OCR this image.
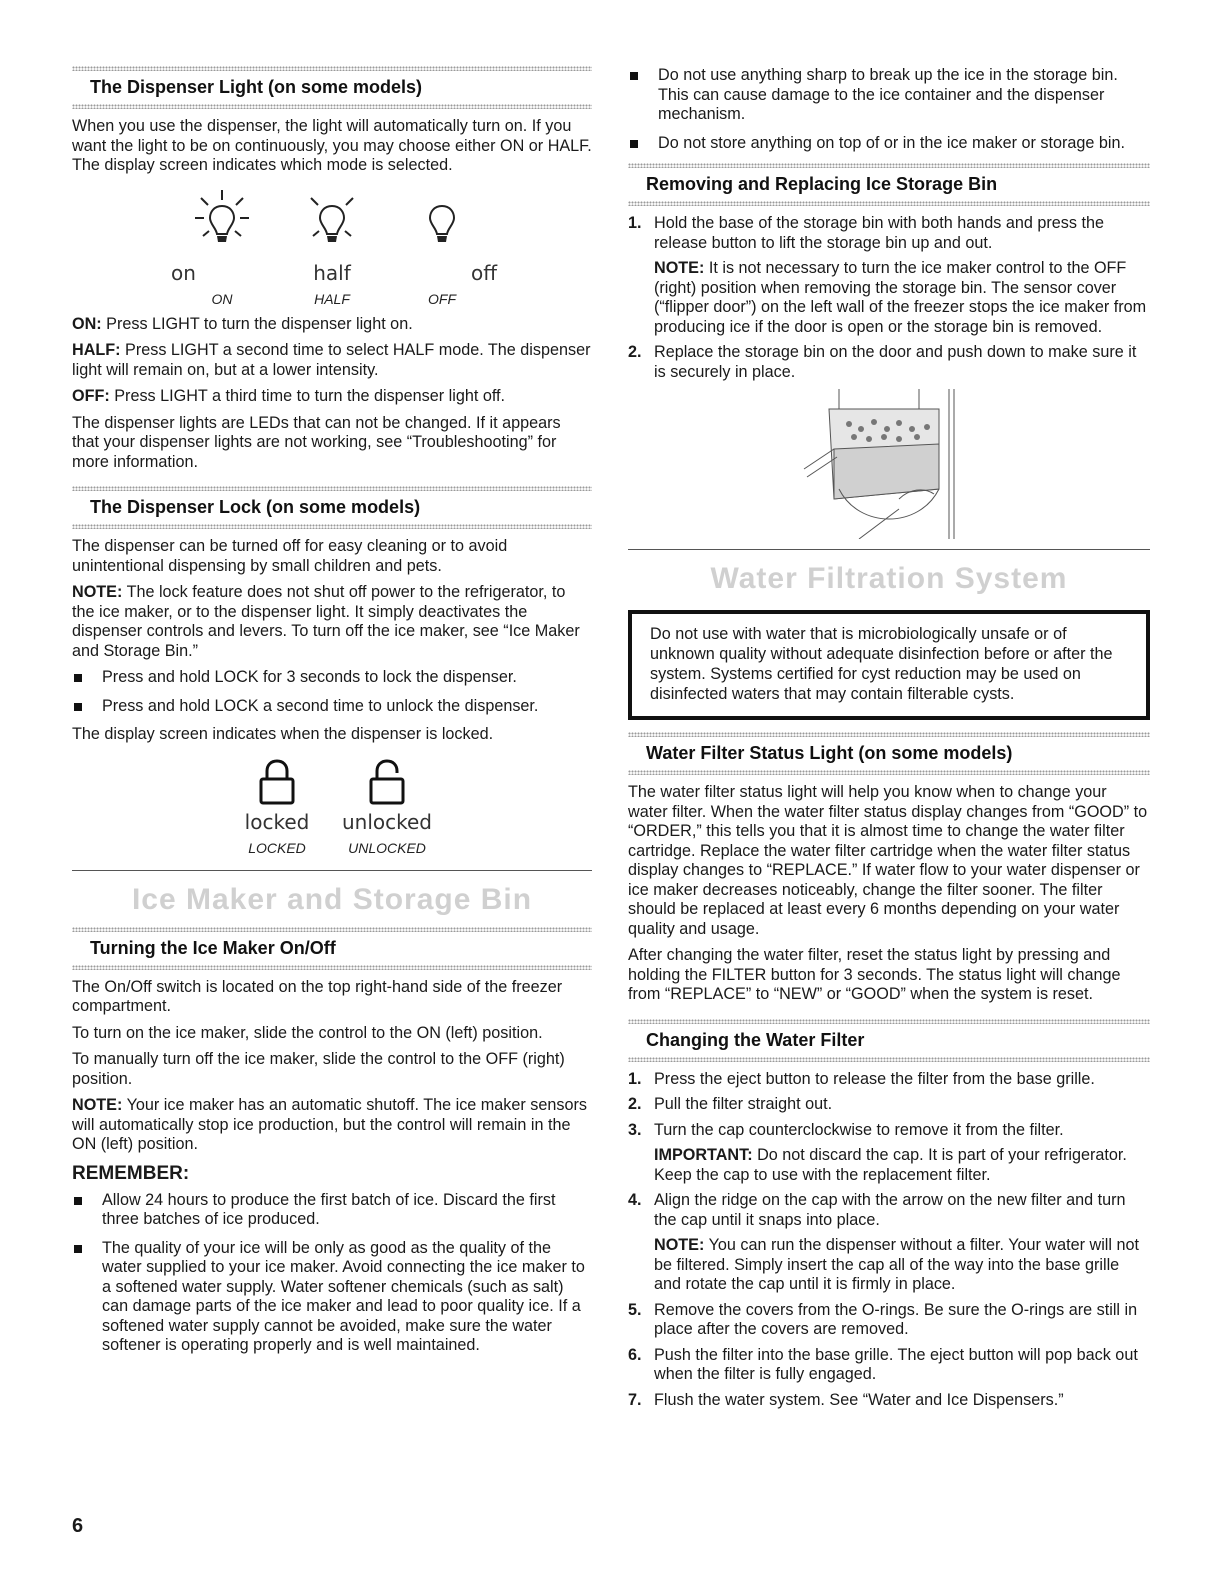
The Dispenser Light (on some models)

When you use the dispenser, the light will automatically turn on. If you want the light to be on continuously, you may choose either ON or HALF. The display screen indicates which mode is selected.

on
ON
half
HALF
off
OFF

ON: Press LIGHT to turn the dispenser light on.

HALF: Press LIGHT a second time to select HALF mode. The dispenser light will remain on, but at a lower intensity.

OFF: Press LIGHT a third time to turn the dispenser light off.

The dispenser lights are LEDs that can not be changed. If it appears that your dispenser lights are not working, see “Troubleshooting” for more information.

The Dispenser Lock (on some models)

The dispenser can be turned off for easy cleaning or to avoid unintentional dispensing by small children and pets.

NOTE: The lock feature does not shut off power to the refrigerator, to the ice maker, or to the dispenser light. It simply deactivates the dispenser controls and levers. To turn off the ice maker, see “Ice Maker and Storage Bin.”

Press and hold LOCK for 3 seconds to lock the dispenser.
Press and hold LOCK a second time to unlock the dispenser.

The display screen indicates when the dispenser is locked.

locked
LOCKED
unlocked
UNLOCKED
Ice Maker and Storage Bin
Turning the Ice Maker On/Off

The On/Off switch is located on the top right-hand side of the freezer compartment.

To turn on the ice maker, slide the control to the ON (left) position.

To manually turn off the ice maker, slide the control to the OFF (right) position.

NOTE: Your ice maker has an automatic shutoff. The ice maker sensors will automatically stop ice production, but the control will remain in the ON (left) position.

REMEMBER:
Allow 24 hours to produce the first batch of ice. Discard the first three batches of ice produced.
The quality of your ice will be only as good as the quality of the water supplied to your ice maker. Avoid connecting the ice maker to a softened water supply. Water softener chemicals (such as salt) can damage parts of the ice maker and lead to poor quality ice. If a softened water supply cannot be avoided, make sure the water softener is operating properly and is well maintained.
Do not use anything sharp to break up the ice in the storage bin. This can cause damage to the ice container and the dispenser mechanism.
Do not store anything on top of or in the ice maker or storage bin.
Removing and Replacing Ice Storage Bin
1. Hold the base of the storage bin with both hands and press the release button to lift the storage bin up and out.

NOTE: It is not necessary to turn the ice maker control to the OFF (right) position when removing the storage bin. The sensor cover (“flipper door”) on the left wall of the freezer stops the ice maker from producing ice if the door is open or the storage bin is removed.

2. Replace the storage bin on the door and push down to make sure it is securely in place.
Water Filtration System

Do not use with water that is microbiologically unsafe or of unknown quality without adequate disinfection before or after the system. Systems certified for cyst reduction may be used on disinfected waters that may contain filterable cysts.

Water Filter Status Light (on some models)

The water filter status light will help you know when to change your water filter. When the water filter status display changes from “GOOD” to “ORDER,” this tells you that it is almost time to change the water filter cartridge. Replace the water filter cartridge when the water filter status display changes to “REPLACE.” If water flow to your water dispenser or ice maker decreases noticeably, change the filter sooner. The filter should be replaced at least every 6 months depending on your water quality and usage.

After changing the water filter, reset the status light by pressing and holding the FILTER button for 3 seconds. The status light will change from “REPLACE” to “NEW” or “GOOD” when the system is reset.

Changing the Water Filter
1. Press the eject button to release the filter from the base grille.
2. Pull the filter straight out.
3. Turn the cap counterclockwise to remove it from the filter.

IMPORTANT: Do not discard the cap. It is part of your refrigerator. Keep the cap to use with the replacement filter.

4. Align the ridge on the cap with the arrow on the new filter and turn the cap until it snaps into place.

NOTE: You can run the dispenser without a filter. Your water will not be filtered. Simply insert the cap all of the way into the base grille and rotate the cap until it is firmly in place.

5. Remove the covers from the O-rings. Be sure the O-rings are still in place after the covers are removed.
6. Push the filter into the base grille. The eject button will pop back out when the filter is fully engaged.
7. Flush the water system. See “Water and Ice Dispensers.”
6
